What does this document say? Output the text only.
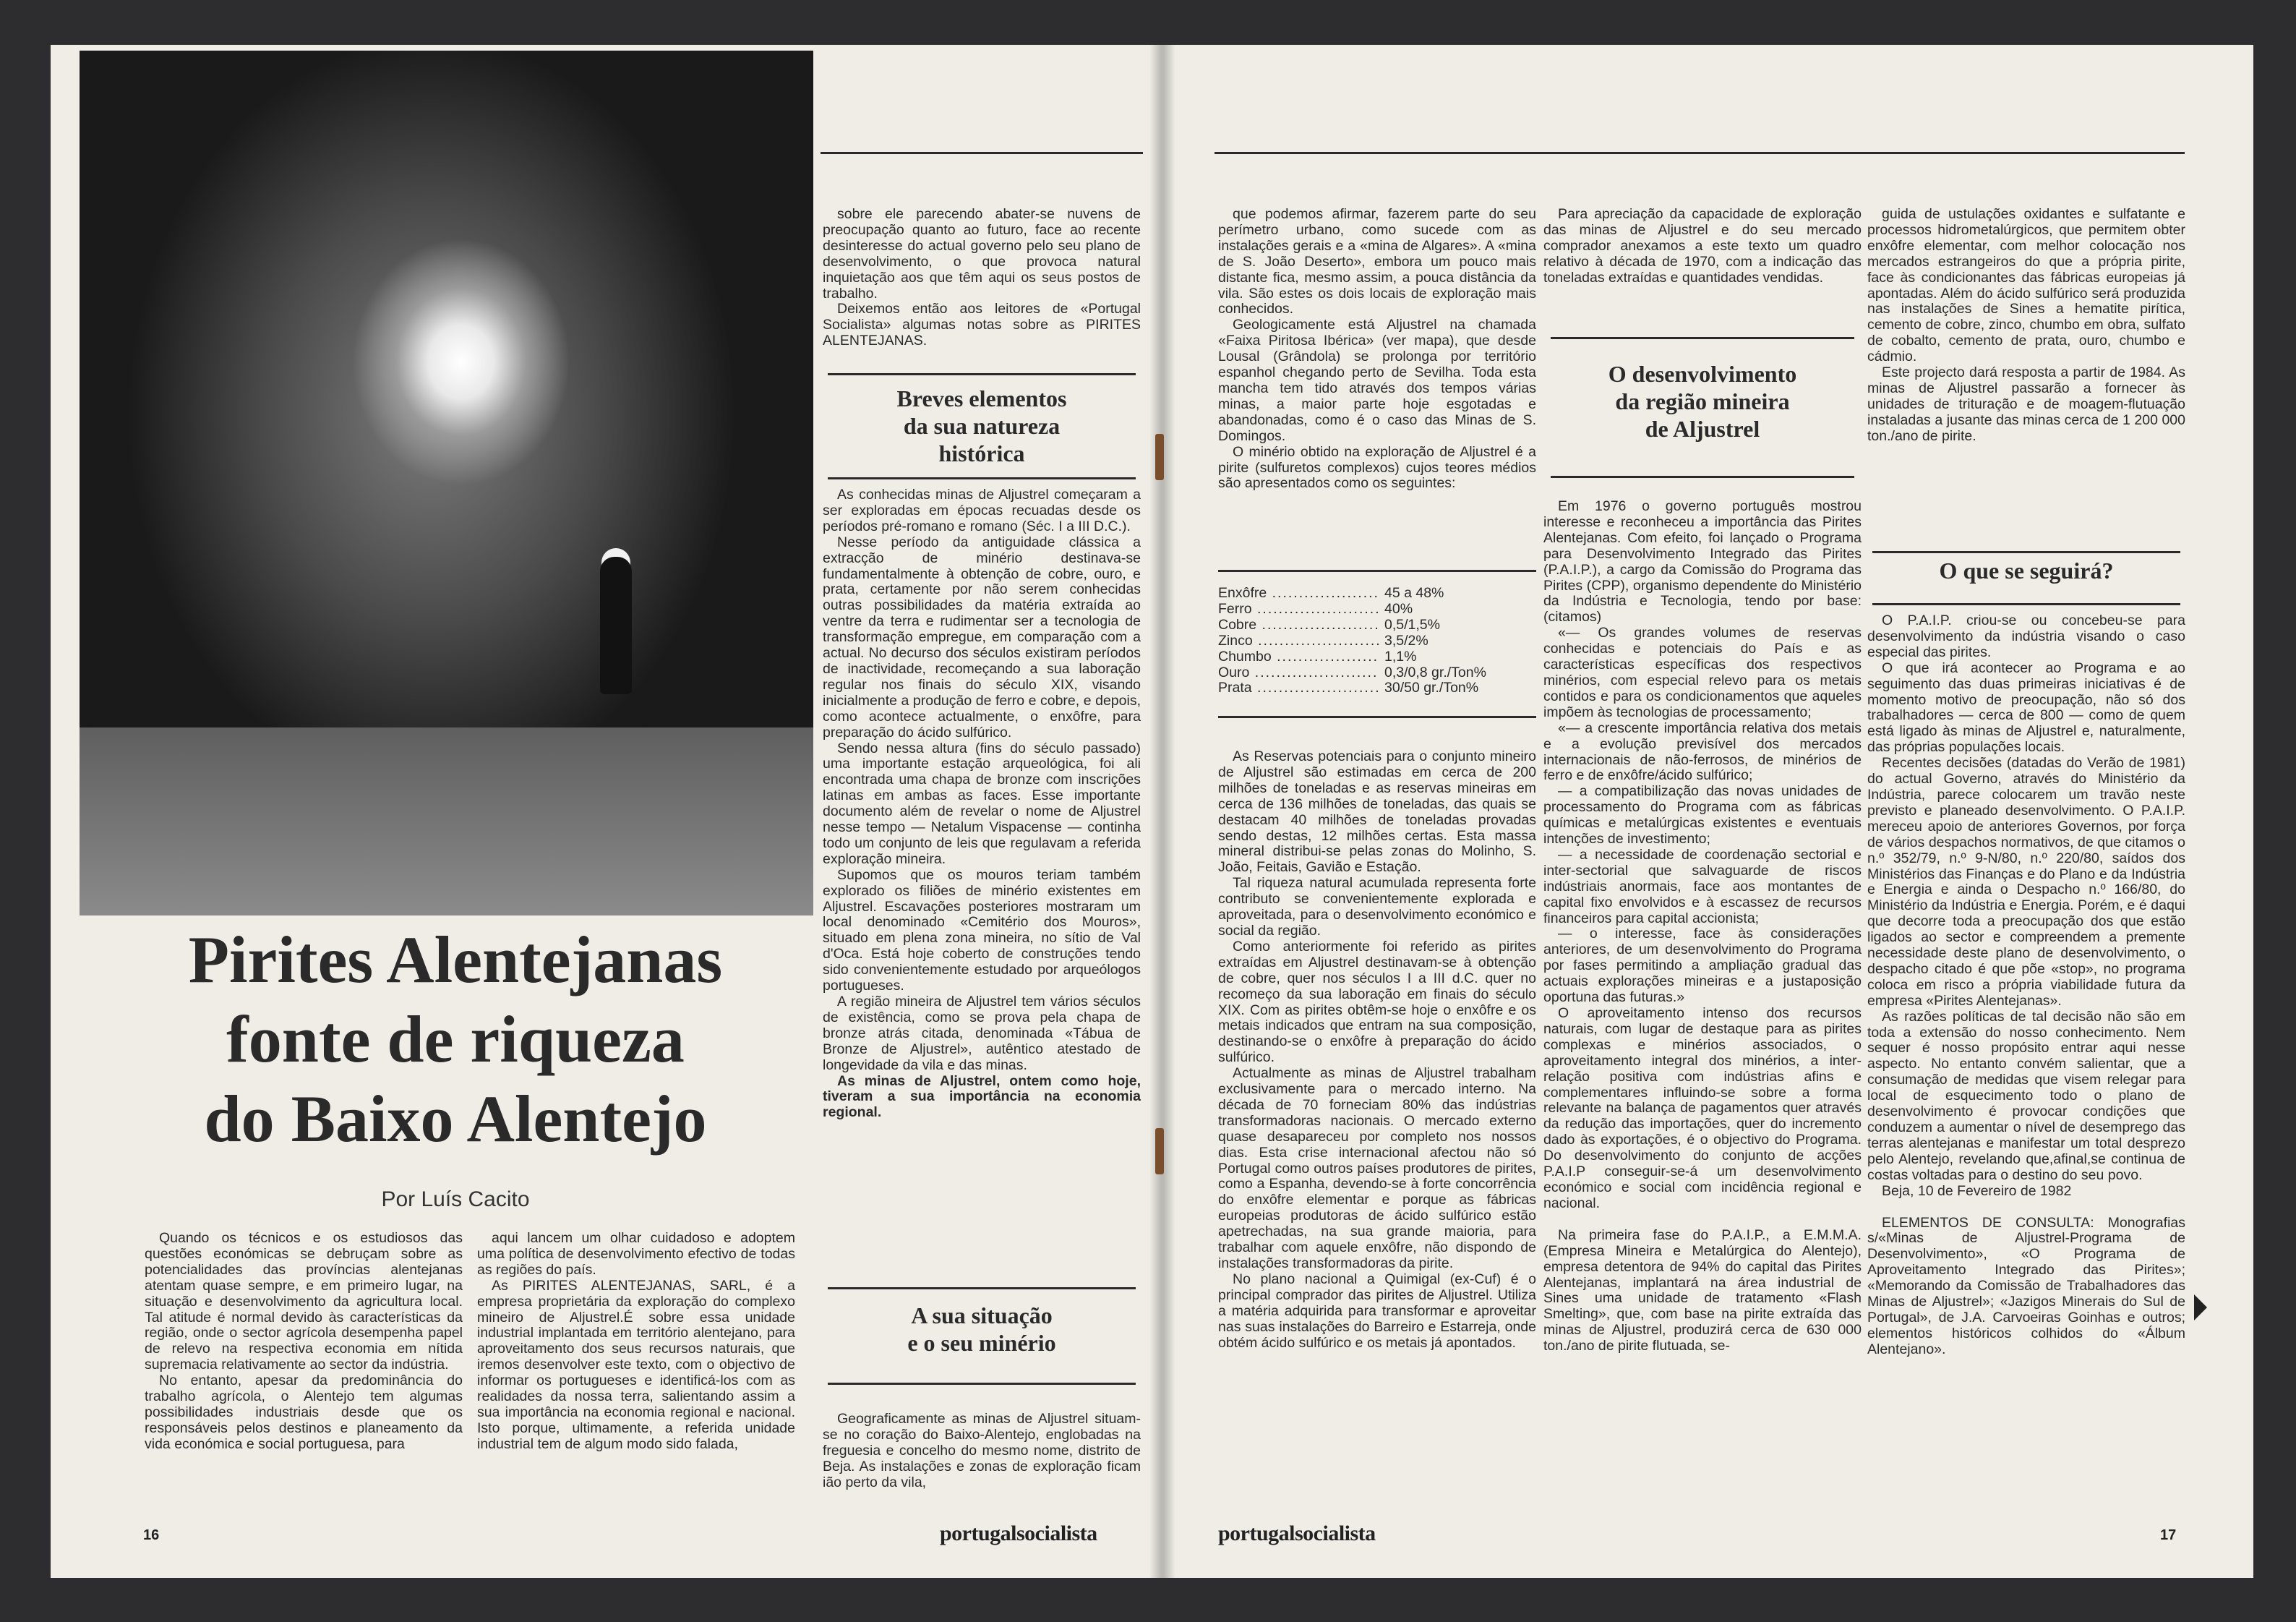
Pirites Alentejanas
fonte de riqueza
do Baixo Alentejo
Por Luís Cacito

Quando os técnicos e os estudiosos das questões económicas se debruçam sobre as potencialidades das províncias alentejanas atentam quase sempre, e em primeiro lugar, na situação e desenvolvimento da agricultura local. Tal atitude é normal devido às características da região, onde o sector agrícola desempenha papel de relevo na respectiva economia em nítida supremacia relativamente ao sector da indústria.

No entanto, apesar da predominância do trabalho agrícola, o Alentejo tem algumas possibilidades industriais desde que os responsáveis pelos destinos e planeamento da vida económica e social portuguesa, para

aqui lancem um olhar cuidadoso e adoptem uma política de desenvolvimento efectivo de todas as regiões do país.

As PIRITES ALENTEJANAS, SARL, é a empresa proprietária da exploração do complexo mineiro de Aljustrel.É sobre essa unidade industrial implantada em território alentejano, para aproveitamento dos seus recursos naturais, que iremos desenvolver este texto, com o objectivo de informar os portugueses e identificá-los com as realidades da nossa terra, salientando assim a sua importância na economia regional e nacional. Isto porque, ultimamente, a referida unidade industrial tem de algum modo sido falada,

sobre ele parecendo abater-se nuvens de preocupação quanto ao futuro, face ao recente desinteresse do actual governo pelo seu plano de desenvolvimento, o que provoca natural inquietação aos que têm aqui os seus postos de trabalho.

Deixemos então aos leitores de «Portugal Socialista» algumas notas sobre as PIRITES ALENTEJANAS.

Breves elementos
da sua natureza
histórica

As conhecidas minas de Aljustrel começaram a ser exploradas em épocas recuadas desde os períodos pré-romano e romano (Séc. I a III D.C.).

Nesse período da antiguidade clássica a extracção de minério destinava-se fundamentalmente à obtenção de cobre, ouro, e prata, certamente por não serem conhecidas outras possibilidades da matéria extraída ao ventre da terra e rudimentar ser a tecnologia de transformação empregue, em comparação com a actual. No decurso dos séculos existiram períodos de inactividade, recomeçando a sua laboração regular nos finais do século XIX, visando inicialmente a produção de ferro e cobre, e depois, como acontece actualmente, o enxôfre, para preparação do ácido sulfúrico.

Sendo nessa altura (fins do século passado) uma importante estação arqueológica, foi ali encontrada uma chapa de bronze com inscrições latinas em ambas as faces. Esse importante documento além de revelar o nome de Aljustrel nesse tempo — Netalum Vispacense — continha todo um conjunto de leis que regulavam a referida exploração mineira.

Supomos que os mouros teriam também explorado os filiões de minério existentes em Aljustrel. Escavações posteriores mostraram um local denominado «Cemitério dos Mouros», situado em plena zona mineira, no sítio de Val d'Oca. Está hoje coberto de construções tendo sido convenientemente estudado por arqueólogos portugueses.

A região mineira de Aljustrel tem vários séculos de existência, como se prova pela chapa de bronze atrás citada, denominada «Tábua de Bronze de Aljustrel», autêntico atestado de longevidade da vila e das minas.

As minas de Aljustrel, ontem como hoje, tiveram a sua importância na economia regional.

A sua situação
e o seu minério

Geograficamente as minas de Aljustrel situam-se no coração do Baixo-Alentejo, englobadas na freguesia e concelho do mesmo nome, distrito de Beja. As instalações e zonas de exploração ficam ião perto da vila,

16	portugalsocialista

que podemos afirmar, fazerem parte do seu perímetro urbano, como sucede com as instalações gerais e a «mina de Algares». A «mina de S. João Deserto», embora um pouco mais distante fica, mesmo assim, a pouca distância da vila. São estes os dois locais de exploração mais conhecidos.

Geologicamente está Aljustrel na chamada «Faixa Piritosa Ibérica» (ver mapa), que desde Lousal (Grândola) se prolonga por território espanhol chegando perto de Sevilha. Toda esta mancha tem tido através dos tempos várias minas, a maior parte hoje esgotadas e abandonadas, como é o caso das Minas de S. Domingos.

O minério obtido na exploração de Aljustrel é a pirite (sulfuretos complexos) cujos teores médios são apresentados como os seguintes:

Enxôfre .....	45 a 48%
Ferro .....	40%
Cobre .....	0,5/1,5%
Zinco .....	3,5/2%
Chumbo .....	1,1%
Ouro .....	0,3/0,8 gr./Ton%
Prata .....	30/50 gr./Ton%

As Reservas potenciais para o conjunto mineiro de Aljustrel são estimadas em cerca de 200 milhões de toneladas e as reservas mineiras em cerca de 136 milhões de toneladas, das quais se destacam 40 milhões de toneladas provadas sendo destas, 12 milhões certas. Esta massa mineral distribui-se pelas zonas do Molinho, S. João, Feitais, Gavião e Estação.

Tal riqueza natural acumulada representa forte contributo se convenientemente explorada e aproveitada, para o desenvolvimento económico e social da região.

Como anteriormente foi referido as pirites extraídas em Aljustrel destinavam-se à obtenção de cobre, quer nos séculos I a III d.C. quer no recomeço da sua laboração em finais do século XIX. Com as pirites obtêm-se hoje o enxôfre e os metais indicados que entram na sua composição, destinando-se o enxôfre à preparação do ácido sulfúrico.

Actualmente as minas de Aljustrel trabalham exclusivamente para o mercado interno. Na década de 70 forneciam 80% das indústrias transformadoras nacionais. O mercado externo quase desapareceu por completo nos nossos dias. Esta crise internacional afectou não só Portugal como outros países produtores de pirites, como a Espanha, devendo-se à forte concorrência do enxôfre elementar e porque as fábricas europeias produtoras de ácido sulfúrico estão apetrechadas, na sua grande maioria, para trabalhar com aquele enxôfre, não dispondo de instalações transformadoras da pirite.

No plano nacional a Quimigal (ex-Cuf) é o principal comprador das pirites de Aljustrel. Utiliza a matéria adquirida para transformar e aproveitar nas suas instalações do Barreiro e Estarreja, onde obtém ácido sulfúrico e os metais já apontados.

Para apreciação da capacidade de exploração das minas de Aljustrel e do seu mercado comprador anexamos a este texto um quadro relativo à década de 1970, com a indicação das toneladas extraídas e quantidades vendidas.

O desenvolvimento
da região mineira
de Aljustrel

Em 1976 o governo português mostrou interesse e reconheceu a importância das Pirites Alentejanas. Com efeito, foi lançado o Programa para Desenvolvimento Integrado das Pirites (P.A.I.P.), a cargo da Comissão do Programa das Pirites (CPP), organismo dependente do Ministério da Indústria e Tecnologia, tendo por base: (citamos)

«— Os grandes volumes de reservas conhecidas e potenciais do País e as características específicas dos respectivos minérios, com especial relevo para os metais contidos e para os condicionamentos que aqueles impõem às tecnologias de processamento;

«— a crescente importância relativa dos metais e a evolução previsível dos mercados internacionais de não-ferrosos, de minérios de ferro e de enxôfre/ácido sulfúrico;

— a compatibilização das novas unidades de processamento do Programa com as fábricas químicas e metalúrgicas existentes e eventuais intenções de investimento;

— a necessidade de coordenação sectorial e inter-sectorial que salvaguarde de riscos indústriais anormais, face aos montantes de capital fixo envolvidos e à escassez de recursos financeiros para capital accionista;

— o interesse, face às considerações anteriores, de um desenvolvimento do Programa por fases permitindo a ampliação gradual das actuais explorações mineiras e a justaposição oportuna das futuras.»

O aproveitamento intenso dos recursos naturais, com lugar de destaque para as pirites complexas e minérios associados, o aproveitamento integral dos minérios, a inter-relação positiva com indústrias afins e complementares influindo-se sobre a forma relevante na balança de pagamentos quer através da redução das importações, quer do incremento dado às exportações, é o objectivo do Programa. Do desenvolvimento do conjunto de acções P.A.I.P conseguir-se-á um desenvolvimento económico e social com incidência regional e nacional.

Na primeira fase do P.A.I.P., a E.M.M.A. (Empresa Mineira e Metalúrgica do Alentejo), empresa detentora de 94% do capital das Pirites Alentejanas, implantará na área industrial de Sines uma unidade de tratamento «Flash Smelting», que, com base na pirite extraída das minas de Aljustrel, produzirá cerca de 630 000 ton./ano de pirite flutuada, se-

guida de ustulações oxidantes e sulfatante e processos hidrometalúrgicos, que permitem obter enxôfre elementar, com melhor colocação nos mercados estrangeiros do que a própria pirite, face às condicionantes das fábricas europeias já apontadas. Além do ácido sulfúrico será produzida nas instalações de Sines a hematite pirítica, cemento de cobre, zinco, chumbo em obra, sulfato de cobalto, cemento de prata, ouro, chumbo e cádmio.

Este projecto dará resposta a partir de 1984. As minas de Aljustrel passarão a fornecer às unidades de trituração e de moagem-flutuação instaladas a jusante das minas cerca de 1 200 000 ton./ano de pirite.

O que se seguirá?

O P.A.I.P. criou-se ou concebeu-se para desenvolvimento da indústria visando o caso especial das pirites.

O que irá acontecer ao Programa e ao seguimento das duas primeiras iniciativas é de momento motivo de preocupação, não só dos trabalhadores — cerca de 800 — como de quem está ligado às minas de Aljustrel e, naturalmente, das próprias populações locais.

Recentes decisões (datadas do Verão de 1981) do actual Governo, através do Ministério da Indústria, parece colocarem um travão neste previsto e planeado desenvolvimento. O P.A.I.P. mereceu apoio de anteriores Governos, por força de vários despachos normativos, de que citamos o n.º 352/79, n.º 9-N/80, n.º 220/80, saídos dos Ministérios das Finanças e do Plano e da Indústria e Energia e ainda o Despacho n.º 166/80, do Ministério da Indústria e Energia. Porém, e é daqui que decorre toda a preocupação dos que estão ligados ao sector e compreendem a premente necessidade deste plano de desenvolvimento, o despacho citado é que põe «stop», no programa coloca em risco a própria viabilidade futura da empresa «Pirites Alentejanas».

As razões políticas de tal decisão não são em toda a extensão do nosso conhecimento. Nem sequer é nosso propósito entrar aqui nesse aspecto. No entanto convém salientar, que a consumação de medidas que visem relegar para local de esquecimento todo o plano de desenvolvimento é provocar condições que conduzem a aumentar o nível de desemprego das terras alentejanas e manifestar um total desprezo pelo Alentejo, revelando que,afinal,se continua de costas voltadas para o destino do seu povo.

Beja, 10 de Fevereiro de 1982

ELEMENTOS DE CONSULTA: Monografias s/«Minas de Aljustrel-Programa de Desenvolvimento», «O Programa de Aproveitamento Integrado das Pirites»; «Memorando da Comissão de Trabalhadores das Minas de Aljustrel»; «Jazigos Minerais do Sul de Portugal», de J.A. Carvoeiras Goinhas e outros; elementos históricos colhidos do «Álbum Alentejano».

portugalsocialista	17
